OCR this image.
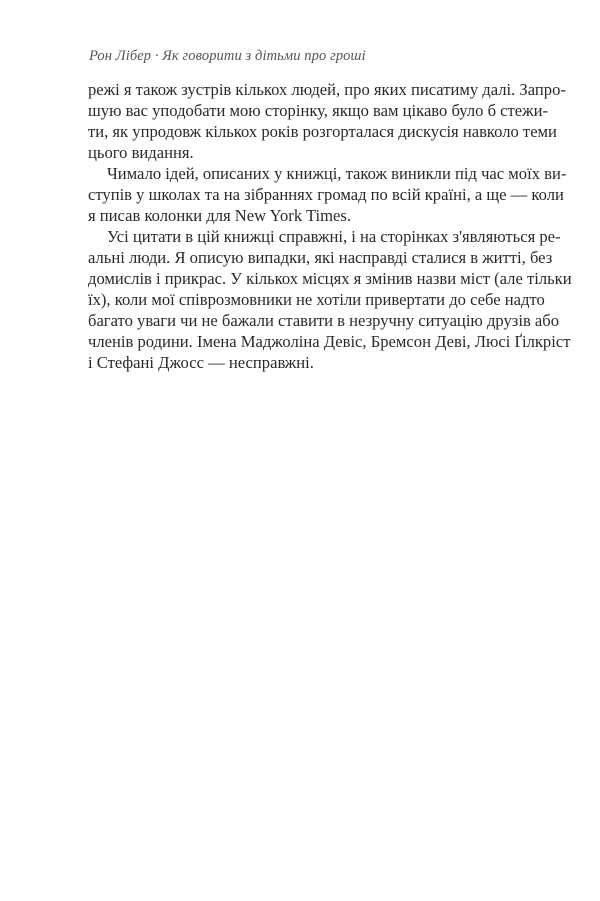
Рон Лібер · Як говорити з дітьми про гроші
режі я також зустрів кількох людей, про яких писатиму далі. Запро-
шую вас уподобати мою сторінку, якщо вам цікаво було б стежи-
ти, як упродовж кількох років розгорталася дискусія навколо теми
цього видання.
Чимало ідей, описаних у книжці, також виникли під час моїх ви-
ступів у школах та на зібраннях громад по всій країні, а ще — коли
я писав колонки для New York Times.
Усі цитати в цій книжці справжні, і на сторінках з'являються ре-
альні люди. Я описую випадки, які насправді сталися в житті, без
домислів і прикрас. У кількох місцях я змінив назви міст (але тільки
їх), коли мої співрозмовники не хотіли привертати до себе надто
багато уваги чи не бажали ставити в незручну ситуацію друзів або
членів родини. Імена Маджоліна Девіс, Бремсон Деві, Люсі Ґілкріст
і Стефані Джосс — несправжні.
